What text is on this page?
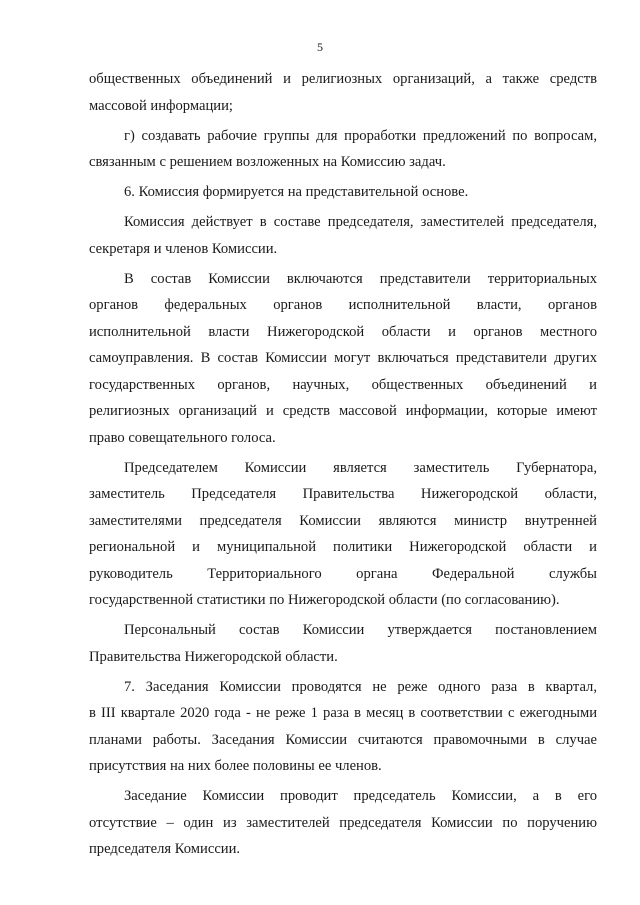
5
общественных объединений и религиозных организаций, а также средств
массовой информации;
г) создавать рабочие группы для проработки предложений по вопросам,
связанным с решением возложенных на Комиссию задач.
6. Комиссия формируется на представительной основе.
Комиссия действует в составе председателя, заместителей председателя,
секретаря и членов Комиссии.
В состав Комиссии включаются представители территориальных
органов федеральных органов исполнительной власти, органов
исполнительной власти Нижегородской области и органов местного
самоуправления. В состав Комиссии могут включаться представители других
государственных органов, научных, общественных объединений и
религиозных организаций и средств массовой информации, которые имеют
право совещательного голоса.
Председателем Комиссии является заместитель Губернатора,
заместитель Председателя Правительства Нижегородской области,
заместителями председателя Комиссии являются министр внутренней
региональной и муниципальной политики Нижегородской области и
руководитель Территориального органа Федеральной службы
государственной статистики по Нижегородской области (по согласованию).
Персональный состав Комиссии утверждается постановлением
Правительства Нижегородской области.
7. Заседания Комиссии проводятся не реже одного раза в квартал,
в III квартале 2020 года - не реже 1 раза в месяц в соответствии с ежегодными
планами работы. Заседания Комиссии считаются правомочными в случае
присутствия на них более половины ее членов.
Заседание Комиссии проводит председатель Комиссии, а в его
отсутствие – один из заместителей председателя Комиссии по поручению
председателя Комиссии.
